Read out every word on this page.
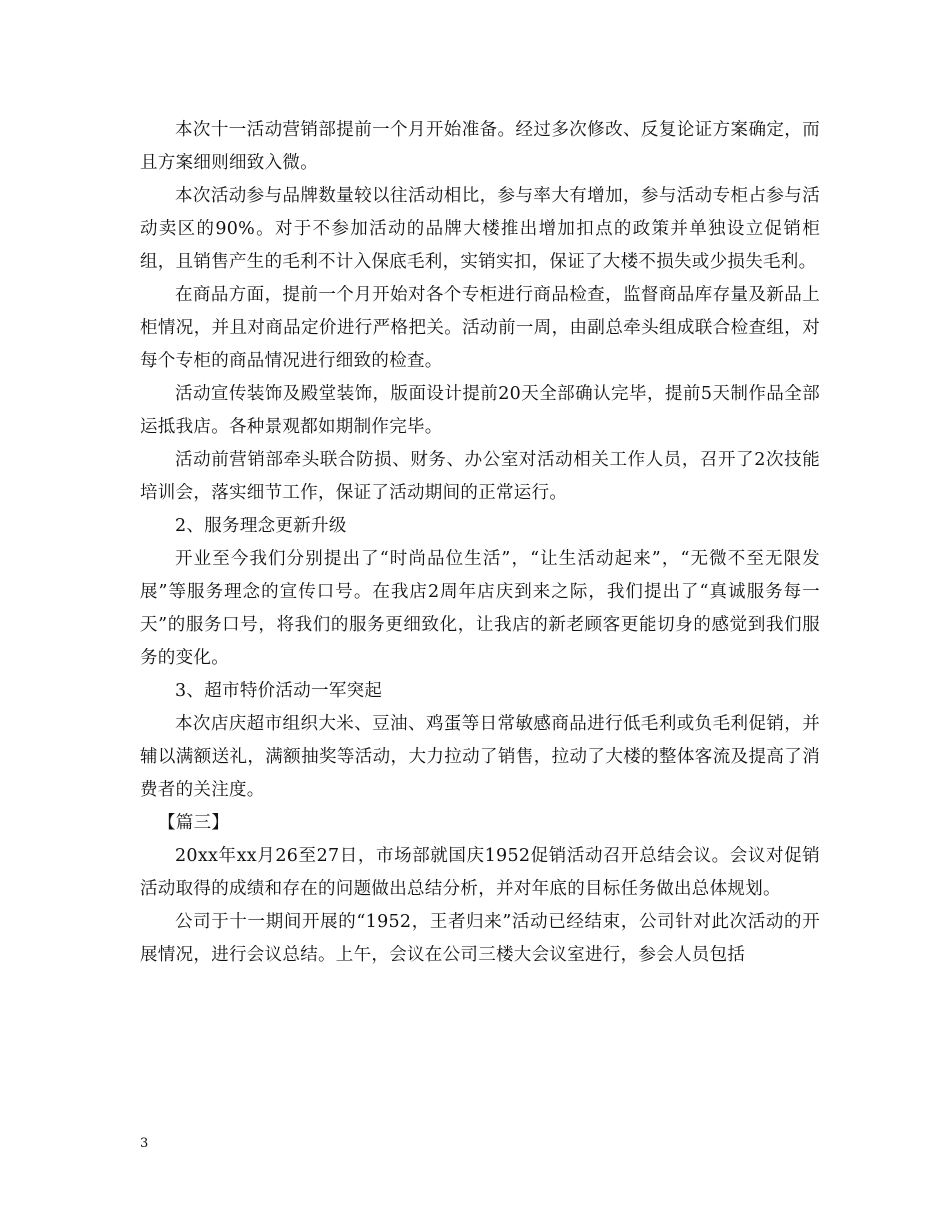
本次十一活动营销部提前一个月开始准备。经过多次修改、反复论证方案确定，而且方案细则细致入微。

本次活动参与品牌数量较以往活动相比，参与率大有增加，参与活动专柜占参与活动卖区的90%。对于不参加活动的品牌大楼推出增加扣点的政策并单独设立促销柜组，且销售产生的毛利不计入保底毛利，实销实扣，保证了大楼不损失或少损失毛利。

在商品方面，提前一个月开始对各个专柜进行商品检查，监督商品库存量及新品上柜情况，并且对商品定价进行严格把关。活动前一周，由副总牵头组成联合检查组，对每个专柜的商品情况进行细致的检查。

活动宣传装饰及殿堂装饰，版面设计提前20天全部确认完毕，提前5天制作品全部运抵我店。各种景观都如期制作完毕。

活动前营销部牵头联合防损、财务、办公室对活动相关工作人员，召开了2次技能培训会，落实细节工作，保证了活动期间的正常运行。

2、服务理念更新升级

开业至今我们分别提出了“时尚品位生活”，“让生活动起来”，“无微不至无限发展”等服务理念的宣传口号。在我店2周年店庆到来之际，我们提出了“真诚服务每一天”的服务口号，将我们的服务更细致化，让我店的新老顾客更能切身的感觉到我们服务的变化。

3、超市特价活动一军突起

本次店庆超市组织大米、豆油、鸡蛋等日常敏感商品进行低毛利或负毛利促销，并辅以满额送礼，满额抽奖等活动，大力拉动了销售，拉动了大楼的整体客流及提高了消费者的关注度。

【篇三】

20xx年xx月26至27日，市场部就国庆1952促销活动召开总结会议。会议对促销活动取得的成绩和存在的问题做出总结分析，并对年底的目标任务做出总体规划。

公司于十一期间开展的“1952，王者归来”活动已经结束，公司针对此次活动的开展情况，进行会议总结。上午，会议在公司三楼大会议室进行，参会人员包括

3
